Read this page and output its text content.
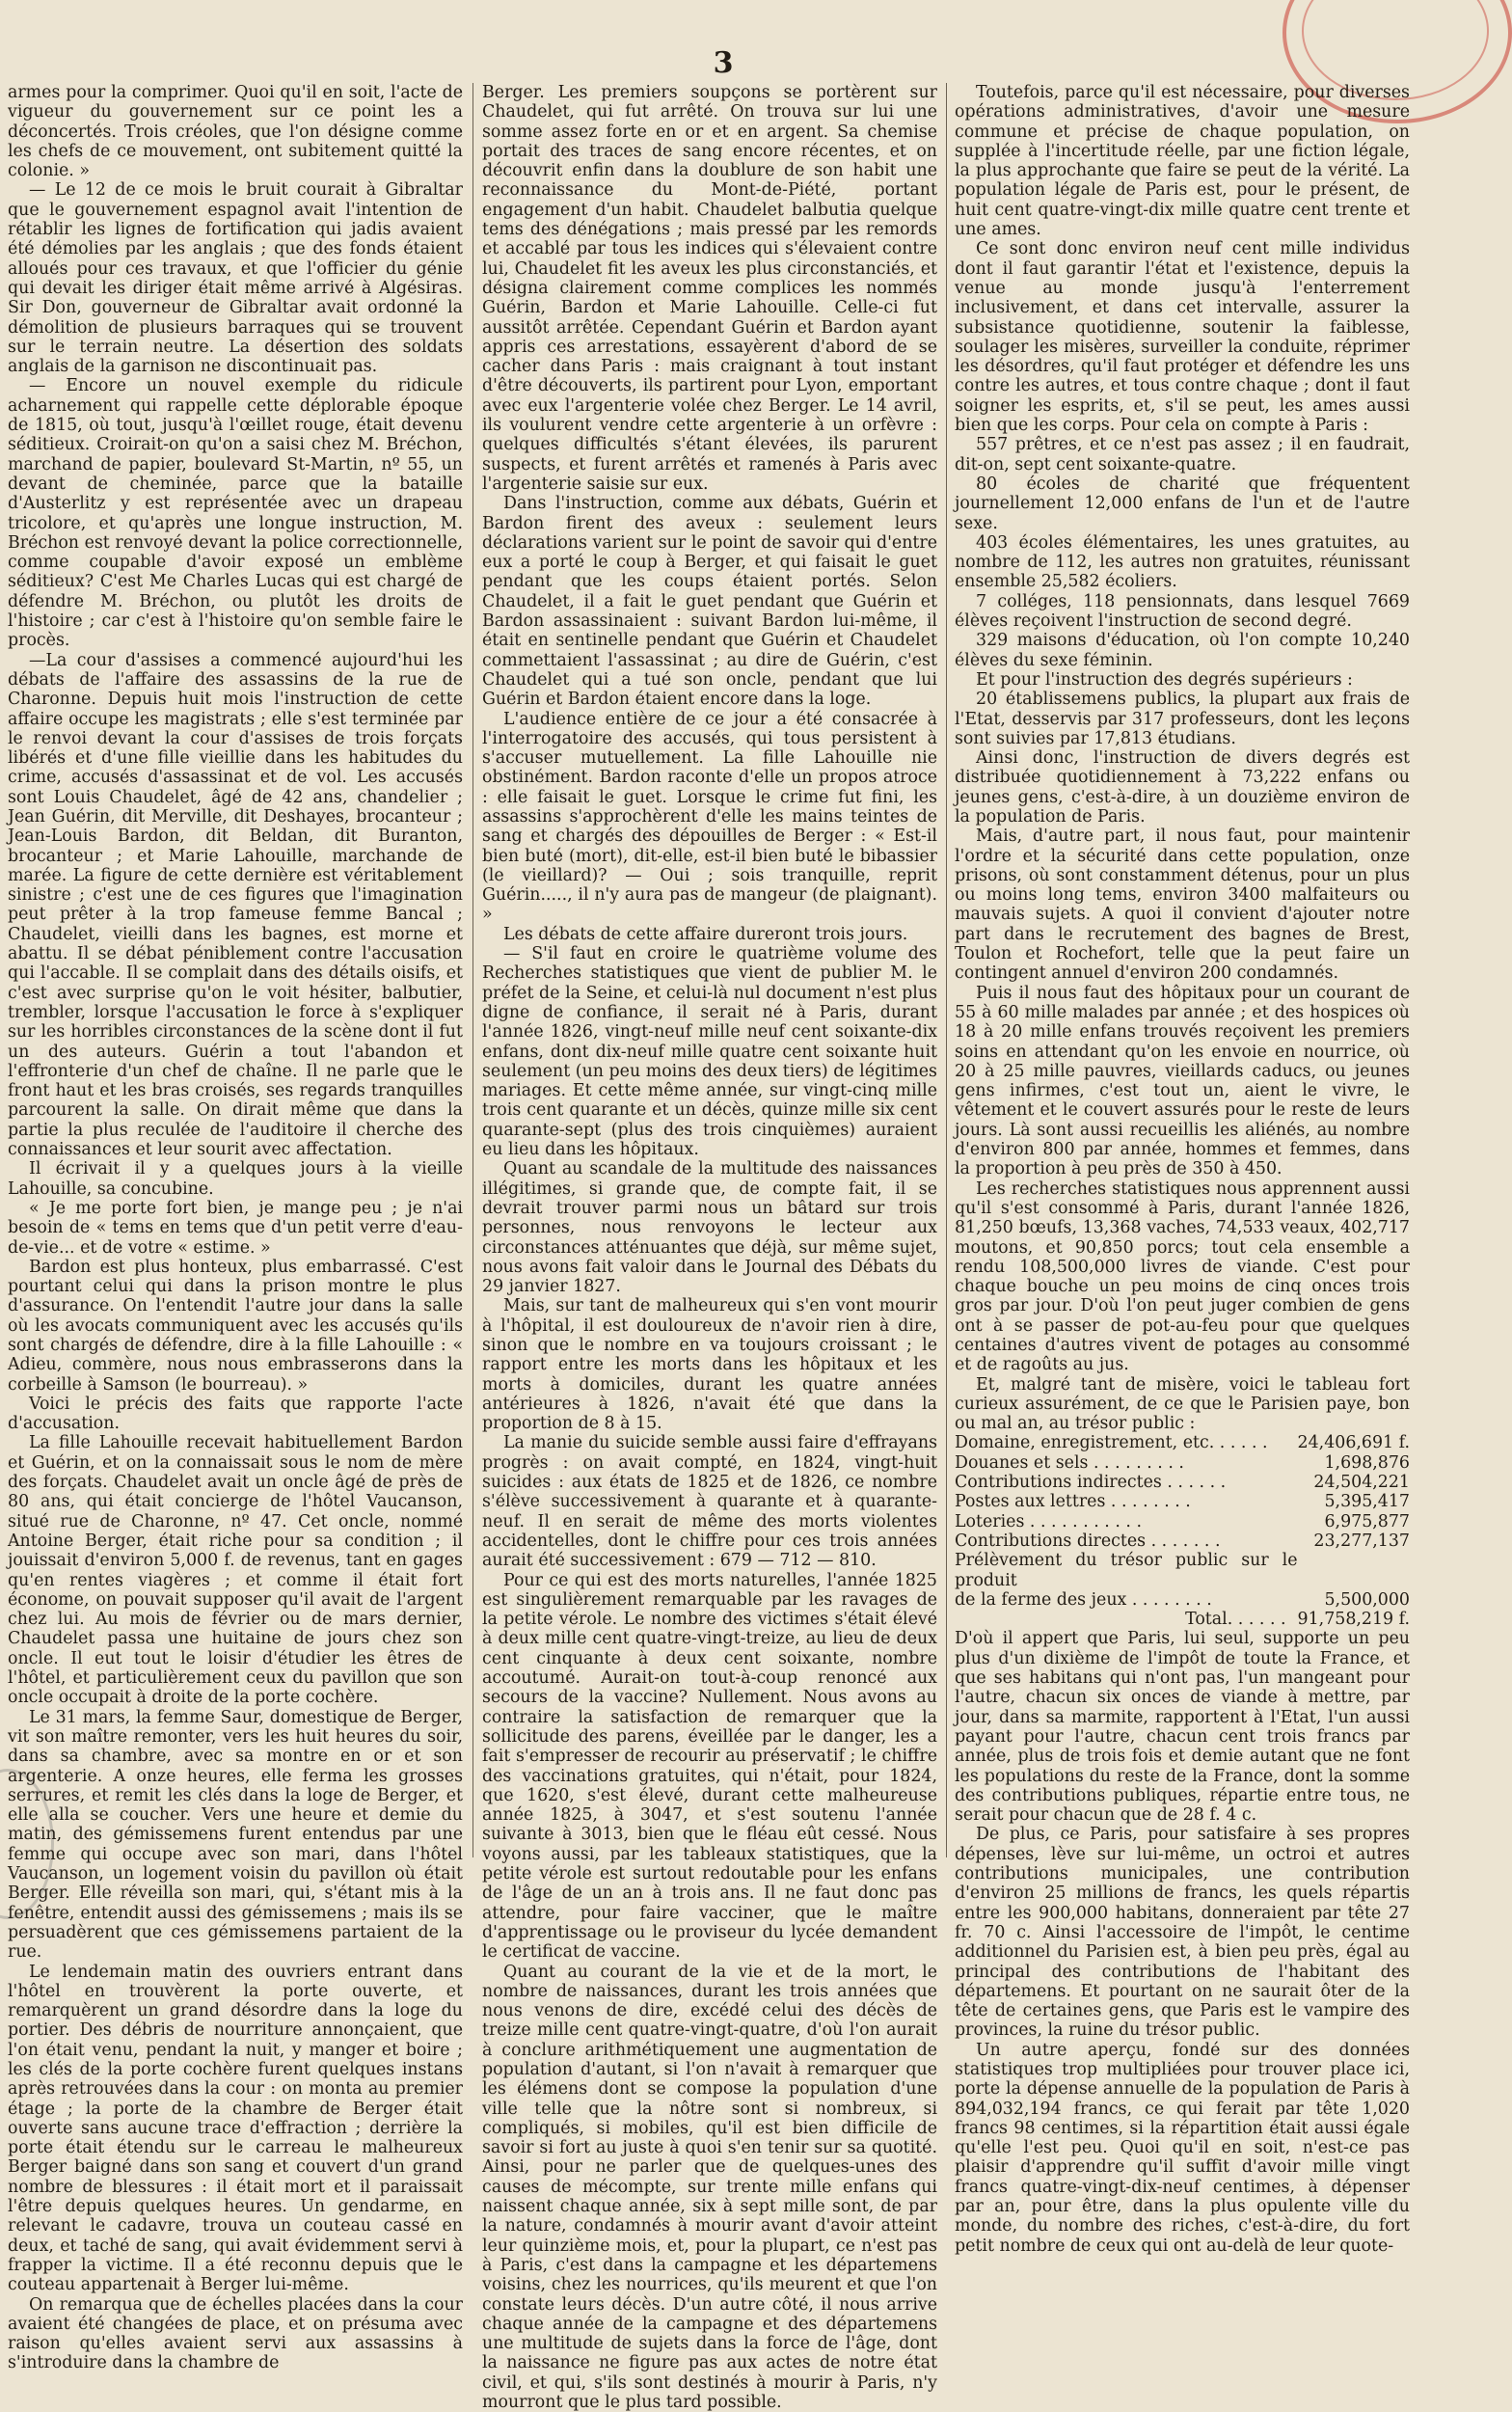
3

armes pour la comprimer. Quoi qu'il en soit, l'acte de vigueur du gouvernement sur ce point les a déconcertés. Trois créoles, que l'on désigne comme les chefs de ce mouvement, ont subitement quitté la colonie. »

— Le 12 de ce mois le bruit courait à Gibraltar que le gouvernement espagnol avait l'intention de rétablir les lignes de fortification qui jadis avaient été démolies par les anglais ; que des fonds étaient alloués pour ces travaux, et que l'officier du génie qui devait les diriger était même arrivé à Algésiras. Sir Don, gouverneur de Gibraltar avait ordonné la démolition de plusieurs barraques qui se trouvent sur le terrain neutre. La désertion des soldats anglais de la garnison ne discontinuait pas.

— Encore un nouvel exemple du ridicule acharnement qui rappelle cette déplorable époque de 1815, où tout, jusqu'à l'œillet rouge, était devenu séditieux. Croirait-on qu'on a saisi chez M. Bréchon, marchand de papier, boulevard St-Martin, nº 55, un devant de cheminée, parce que la bataille d'Austerlitz y est représentée avec un drapeau tricolore, et qu'après une longue instruction, M. Bréchon est renvoyé devant la police correctionnelle, comme coupable d'avoir exposé un emblème séditieux? C'est Me Charles Lucas qui est chargé de défendre M. Bréchon, ou plutôt les droits de l'histoire ; car c'est à l'histoire qu'on semble faire le procès.

—La cour d'assises a commencé aujourd'hui les débats de l'affaire des assassins de la rue de Charonne. Depuis huit mois l'instruction de cette affaire occupe les magistrats ; elle s'est terminée par le renvoi devant la cour d'assises de trois forçats libérés et d'une fille vieillie dans les habitudes du crime, accusés d'assassinat et de vol. Les accusés sont Louis Chaudelet, âgé de 42 ans, chandelier ; Jean Guérin, dit Merville, dit Deshayes, brocanteur ; Jean-Louis Bardon, dit Beldan, dit Buranton, brocanteur ; et Marie Lahouille, marchande de marée. La figure de cette dernière est véritablement sinistre ; c'est une de ces figures que l'imagination peut prêter à la trop fameuse femme Bancal ; Chaudelet, vieilli dans les bagnes, est morne et abattu. Il se débat péniblement contre l'accusation qui l'accable. Il se complait dans des détails oisifs, et c'est avec surprise qu'on le voit hésiter, balbutier, trembler, lorsque l'accusation le force à s'expliquer sur les horribles circonstances de la scène dont il fut un des auteurs. Guérin a tout l'abandon et l'effronterie d'un chef de chaîne. Il ne parle que le front haut et les bras croisés, ses regards tranquilles parcourent la salle. On dirait même que dans la partie la plus reculée de l'auditoire il cherche des connaissances et leur sourit avec affectation.

Il écrivait il y a quelques jours à la vieille Lahouille, sa concubine.

« Je me porte fort bien, je mange peu ; je n'ai besoin de « tems en tems que d'un petit verre d'eau-de-vie... et de votre « estime. »

Bardon est plus honteux, plus embarrassé. C'est pourtant celui qui dans la prison montre le plus d'assurance. On l'entendit l'autre jour dans la salle où les avocats communiquent avec les accusés qu'ils sont chargés de défendre, dire à la fille Lahouille : « Adieu, commère, nous nous embrasserons dans la corbeille à Samson (le bourreau). »

Voici le précis des faits que rapporte l'acte d'accusation.

La fille Lahouille recevait habituellement Bardon et Guérin, et on la connaissait sous le nom de mère des forçats. Chaudelet avait un oncle âgé de près de 80 ans, qui était concierge de l'hôtel Vaucanson, situé rue de Charonne, nº 47. Cet oncle, nommé Antoine Berger, était riche pour sa condition ; il jouissait d'environ 5,000 f. de revenus, tant en gages qu'en rentes viagères ; et comme il était fort économe, on pouvait supposer qu'il avait de l'argent chez lui. Au mois de février ou de mars dernier, Chaudelet passa une huitaine de jours chez son oncle. Il eut tout le loisir d'étudier les êtres de l'hôtel, et particulièrement ceux du pavillon que son oncle occupait à droite de la porte cochère.

Le 31 mars, la femme Saur, domestique de Berger, vit son maître remonter, vers les huit heures du soir, dans sa chambre, avec sa montre en or et son argenterie. A onze heures, elle ferma les grosses serrures, et remit les clés dans la loge de Berger, et elle alla se coucher. Vers une heure et demie du matin, des gémissemens furent entendus par une femme qui occupe avec son mari, dans l'hôtel Vaucanson, un logement voisin du pavillon où était Berger. Elle réveilla son mari, qui, s'étant mis à la fenêtre, entendit aussi des gémissemens ; mais ils se persuadèrent que ces gémissemens partaient de la rue.

Le lendemain matin des ouvriers entrant dans l'hôtel en trouvèrent la porte ouverte, et remarquèrent un grand désordre dans la loge du portier. Des débris de nourriture annonçaient, que l'on était venu, pendant la nuit, y manger et boire ; les clés de la porte cochère furent quelques instans après retrouvées dans la cour : on monta au premier étage ; la porte de la chambre de Berger était ouverte sans aucune trace d'effraction ; derrière la porte était étendu sur le carreau le malheureux Berger baigné dans son sang et couvert d'un grand nombre de blessures : il était mort et il paraissait l'être depuis quelques heures. Un gendarme, en relevant le cadavre, trouva un couteau cassé en deux, et taché de sang, qui avait évidemment servi à frapper la victime. Il a été reconnu depuis que le couteau appartenait à Berger lui-même.

On remarqua que de échelles placées dans la cour avaient été changées de place, et on présuma avec raison qu'elles avaient servi aux assassins à s'introduire dans la chambre de

Berger. Les premiers soupçons se portèrent sur Chaudelet, qui fut arrêté. On trouva sur lui une somme assez forte en or et en argent. Sa chemise portait des traces de sang encore récentes, et on découvrit enfin dans la doublure de son habit une reconnaissance du Mont-de-Piété, portant engagement d'un habit. Chaudelet balbutia quelque tems des dénégations ; mais pressé par les remords et accablé par tous les indices qui s'élevaient contre lui, Chaudelet fit les aveux les plus circonstanciés, et désigna clairement comme complices les nommés Guérin, Bardon et Marie Lahouille. Celle-ci fut aussitôt arrêtée. Cependant Guérin et Bardon ayant appris ces arrestations, essayèrent d'abord de se cacher dans Paris : mais craignant à tout instant d'être découverts, ils partirent pour Lyon, emportant avec eux l'argenterie volée chez Berger. Le 14 avril, ils voulurent vendre cette argenterie à un orfèvre : quelques difficultés s'étant élevées, ils parurent suspects, et furent arrêtés et ramenés à Paris avec l'argenterie saisie sur eux.

Dans l'instruction, comme aux débats, Guérin et Bardon firent des aveux : seulement leurs déclarations varient sur le point de savoir qui d'entre eux a porté le coup à Berger, et qui faisait le guet pendant que les coups étaient portés. Selon Chaudelet, il a fait le guet pendant que Guérin et Bardon assassinaient : suivant Bardon lui-même, il était en sentinelle pendant que Guérin et Chaudelet commettaient l'assassinat ; au dire de Guérin, c'est Chaudelet qui a tué son oncle, pendant que lui Guérin et Bardon étaient encore dans la loge.

L'audience entière de ce jour a été consacrée à l'interrogatoire des accusés, qui tous persistent à s'accuser mutuellement. La fille Lahouille nie obstinément. Bardon raconte d'elle un propos atroce : elle faisait le guet. Lorsque le crime fut fini, les assassins s'approchèrent d'elle les mains teintes de sang et chargés des dépouilles de Berger : « Est-il bien buté (mort), dit-elle, est-il bien buté le bibassier (le vieillard)? — Oui ; sois tranquille, reprit Guérin....., il n'y aura pas de mangeur (de plaignant). »

Les débats de cette affaire dureront trois jours.

— S'il faut en croire le quatrième volume des Recherches statistiques que vient de publier M. le préfet de la Seine, et celui-là nul document n'est plus digne de confiance, il serait né à Paris, durant l'année 1826, vingt-neuf mille neuf cent soixante-dix enfans, dont dix-neuf mille quatre cent soixante huit seulement (un peu moins des deux tiers) de légitimes mariages. Et cette même année, sur vingt-cinq mille trois cent quarante et un décès, quinze mille six cent quarante-sept (plus des trois cinquièmes) auraient eu lieu dans les hôpitaux.

Quant au scandale de la multitude des naissances illégitimes, si grande que, de compte fait, il se devrait trouver parmi nous un bâtard sur trois personnes, nous renvoyons le lecteur aux circonstances atténuantes que déjà, sur même sujet, nous avons fait valoir dans le Journal des Débats du 29 janvier 1827.

Mais, sur tant de malheureux qui s'en vont mourir à l'hôpital, il est douloureux de n'avoir rien à dire, sinon que le nombre en va toujours croissant ; le rapport entre les morts dans les hôpitaux et les morts à domiciles, durant les quatre années antérieures à 1826, n'avait été que dans la proportion de 8 à 15.

La manie du suicide semble aussi faire d'effrayans progrès : on avait compté, en 1824, vingt-huit suicides : aux états de 1825 et de 1826, ce nombre s'élève successivement à quarante et à quarante-neuf. Il en serait de même des morts violentes accidentelles, dont le chiffre pour ces trois années aurait été successivement : 679 — 712 — 810.

Pour ce qui est des morts naturelles, l'année 1825 est singulièrement remarquable par les ravages de la petite vérole. Le nombre des victimes s'était élevé à deux mille cent quatre-vingt-treize, au lieu de deux cent cinquante à deux cent soixante, nombre accoutumé. Aurait-on tout-à-coup renoncé aux secours de la vaccine? Nullement. Nous avons au contraire la satisfaction de remarquer que la sollicitude des parens, éveillée par le danger, les a fait s'empresser de recourir au préservatif ; le chiffre des vaccinations gratuites, qui n'était, pour 1824, que 1620, s'est élevé, durant cette malheureuse année 1825, à 3047, et s'est soutenu l'année suivante à 3013, bien que le fléau eût cessé. Nous voyons aussi, par les tableaux statistiques, que la petite vérole est surtout redoutable pour les enfans de l'âge de un an à trois ans. Il ne faut donc pas attendre, pour faire vacciner, que le maître d'apprentissage ou le proviseur du lycée demandent le certificat de vaccine.

Quant au courant de la vie et de la mort, le nombre de naissances, durant les trois années que nous venons de dire, excédé celui des décès de treize mille cent quatre-vingt-quatre, d'où l'on aurait à conclure arithmétiquement une augmentation de population d'autant, si l'on n'avait à remarquer que les élémens dont se compose la population d'une ville telle que la nôtre sont si nombreux, si compliqués, si mobiles, qu'il est bien difficile de savoir si fort au juste à quoi s'en tenir sur sa quotité. Ainsi, pour ne parler que de quelques-unes des causes de mécompte, sur trente mille enfans qui naissent chaque année, six à sept mille sont, de par la nature, condamnés à mourir avant d'avoir atteint leur quinzième mois, et, pour la plupart, ce n'est pas à Paris, c'est dans la campagne et les départemens voisins, chez les nourrices, qu'ils meurent et que l'on constate leurs décès. D'un autre côté, il nous arrive chaque année de la campagne et des départemens une multitude de sujets dans la force de l'âge, dont la naissance ne figure pas aux actes de notre état civil, et qui, s'ils sont destinés à mourir à Paris, n'y mourront que le plus tard possible.

Toutefois, parce qu'il est nécessaire, pour diverses opérations administratives, d'avoir une mesure commune et précise de chaque population, on supplée à l'incertitude réelle, par une fiction légale, la plus approchante que faire se peut de la vérité. La population légale de Paris est, pour le présent, de huit cent quatre-vingt-dix mille quatre cent trente et une ames.

Ce sont donc environ neuf cent mille individus dont il faut garantir l'état et l'existence, depuis la venue au monde jusqu'à l'enterrement inclusivement, et dans cet intervalle, assurer la subsistance quotidienne, soutenir la faiblesse, soulager les misères, surveiller la conduite, réprimer les désordres, qu'il faut protéger et défendre les uns contre les autres, et tous contre chaque ; dont il faut soigner les esprits, et, s'il se peut, les ames aussi bien que les corps. Pour cela on compte à Paris :

557 prêtres, et ce n'est pas assez ; il en faudrait, dit-on, sept cent soixante-quatre.

80 écoles de charité que fréquentent journellement 12,000 enfans de l'un et de l'autre sexe.

403 écoles élémentaires, les unes gratuites, au nombre de 112, les autres non gratuites, réunissant ensemble 25,582 écoliers.

7 colléges, 118 pensionnats, dans lesquel 7669 élèves reçoivent l'instruction de second degré.

329 maisons d'éducation, où l'on compte 10,240 élèves du sexe féminin.

Et pour l'instruction des degrés supérieurs :

20 établissemens publics, la plupart aux frais de l'Etat, desservis par 317 professeurs, dont les leçons sont suivies par 17,813 étudians.

Ainsi donc, l'instruction de divers degrés est distribuée quotidiennement à 73,222 enfans ou jeunes gens, c'est-à-dire, à un douzième environ de la population de Paris.

Mais, d'autre part, il nous faut, pour maintenir l'ordre et la sécurité dans cette population, onze prisons, où sont constamment détenus, pour un plus ou moins long tems, environ 3400 malfaiteurs ou mauvais sujets. A quoi il convient d'ajouter notre part dans le recrutement des bagnes de Brest, Toulon et Rochefort, telle que la peut faire un contingent annuel d'environ 200 condamnés.

Puis il nous faut des hôpitaux pour un courant de 55 à 60 mille malades par année ; et des hospices où 18 à 20 mille enfans trouvés reçoivent les premiers soins en attendant qu'on les envoie en nourrice, où 20 à 25 mille pauvres, vieillards caducs, ou jeunes gens infirmes, c'est tout un, aient le vivre, le vêtement et le couvert assurés pour le reste de leurs jours. Là sont aussi recueillis les aliénés, au nombre d'environ 800 par année, hommes et femmes, dans la proportion à peu près de 350 à 450.

Les recherches statistiques nous apprennent aussi qu'il s'est consommé à Paris, durant l'année 1826, 81,250 bœufs, 13,368 vaches, 74,533 veaux, 402,717 moutons, et 90,850 porcs; tout cela ensemble a rendu 108,500,000 livres de viande. C'est pour chaque bouche un peu moins de cinq onces trois gros par jour. D'où l'on peut juger combien de gens ont à se passer de pot-au-feu pour que quelques centaines d'autres vivent de potages au consommé et de ragoûts au jus.

Et, malgré tant de misère, voici le tableau fort curieux assurément, de ce que le Parisien paye, bon ou mal an, au trésor public :

Domaine, enregistrement, etc. . . . . .	24,406,691 f.
Douanes et sels . . . . . . . . .	1,698,876
Contributions indirectes . . . . . .	24,504,221
Postes aux lettres . . . . . . . .	5,395,417
Loteries . . . . . . . . . . .	6,975,877
Contributions directes . . . . . . .	23,277,137
Prélèvement du trésor public sur le produit	
de la ferme des jeux . . . . . . . .	5,500,000
Total. . . . . .	91,758,219 f.

D'où il appert que Paris, lui seul, supporte un peu plus d'un dixième de l'impôt de toute la France, et que ses habitans qui n'ont pas, l'un mangeant pour l'autre, chacun six onces de viande à mettre, par jour, dans sa marmite, rapportent à l'Etat, l'un aussi payant pour l'autre, chacun cent trois francs par année, plus de trois fois et demie autant que ne font les populations du reste de la France, dont la somme des contributions publiques, répartie entre tous, ne serait pour chacun que de 28 f. 4 c.

De plus, ce Paris, pour satisfaire à ses propres dépenses, lève sur lui-même, un octroi et autres contributions municipales, une contribution d'environ 25 millions de francs, les quels répartis entre les 900,000 habitans, donneraient par tête 27 fr. 70 c. Ainsi l'accessoire de l'impôt, le centime additionnel du Parisien est, à bien peu près, égal au principal des contributions de l'habitant des départemens. Et pourtant on ne saurait ôter de la tête de certaines gens, que Paris est le vampire des provinces, la ruine du trésor public.

Un autre aperçu, fondé sur des données statistiques trop multipliées pour trouver place ici, porte la dépense annuelle de la population de Paris à 894,032,194 francs, ce qui ferait par tête 1,020 francs 98 centimes, si la répartition était aussi égale qu'elle l'est peu. Quoi qu'il en soit, n'est-ce pas plaisir d'apprendre qu'il suffit d'avoir mille vingt francs quatre-vingt-dix-neuf centimes, à dépenser par an, pour être, dans la plus opulente ville du monde, du nombre des riches, c'est-à-dire, du fort petit nombre de ceux qui ont au-delà de leur quote-
